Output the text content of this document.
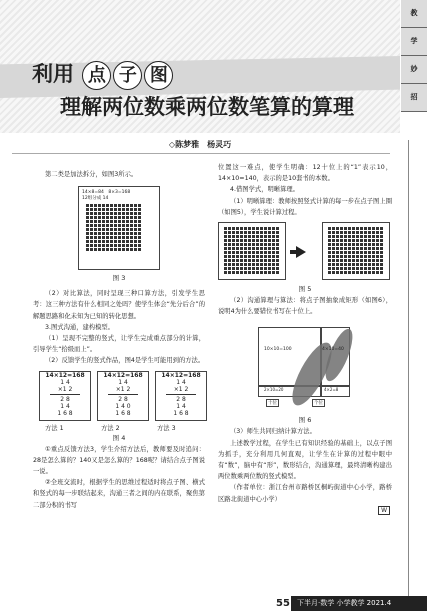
利用 点 子 图
理解两位数乘两位数笔算的算理
教
学
妙
招
◇陈梦雅　杨灵巧

第二类是加法拆分，如图3所示。

14×8=84　8×3=168
12组分成 14
图 3

（2）对比算法，同时呈现三种口算方法，引发学生思考：这三种方法有什么相同之处吗？使学生体会“先分后合”的解题思路和化未知为已知的转化思想。

3.图式沟通，建构模型。

（1）呈现不完整的竖式，让学生完成重点部分的计算，引导学生“拾级而上”。

（2）反馈学生的竖式作品，图4是学生可能用到的方法。

14×12=168
1 4
×1 2
2 8
1 4
1 6 8
14×12=168
1 4
×1 2
2 8
1 4 0
1 6 8
14×12=168
1 4
×1 2
2 8
1 4
1 6 8
方法 1	方法 2	方法 3
图 4

①重点反馈方法3，学生介绍方法后，教师要及时追问：28是怎么算的？140又是怎么算的？168呢？请结合点子图说一说。

②全班交流时，根据学生的思维过程适时将点子图、横式和竖式的每一步联结起来，沟通三者之间的内在联系，聚焦第二部分积的书写

位置这一难点，使学生明确：12十位上的“1”表示10，14×10=140，表示的是10套书的本数。

4.借图学式，明晰算理。

（1）明晰算理：教师按照竖式计算的每一步在点子图上圈（如图5），学生说计算过程。

图 5

（2）沟通算理与算法：将点子图抽象成矩形（如图6），说明4为什么要错位书写在十位上。

10×10=100	4×10=40
2×10=20	4×2=8
十位	个位
图 6

（3）师生共同归纳计算方法。

上述教学过程，在学生已有知识经验的基础上，以点子图为抓手，充分利用几何直观，让学生在计算的过程中眼中有“数”，脑中有“形”，数形结合，沟通算理，最终清晰构建出两位数乘两位数的竖式模型。

（作者单位：浙江台州市路桥区桐屿街道中心小学，路桥区路北街道中心小学）

W
55	下半月·数学 小学教学 2021.4
